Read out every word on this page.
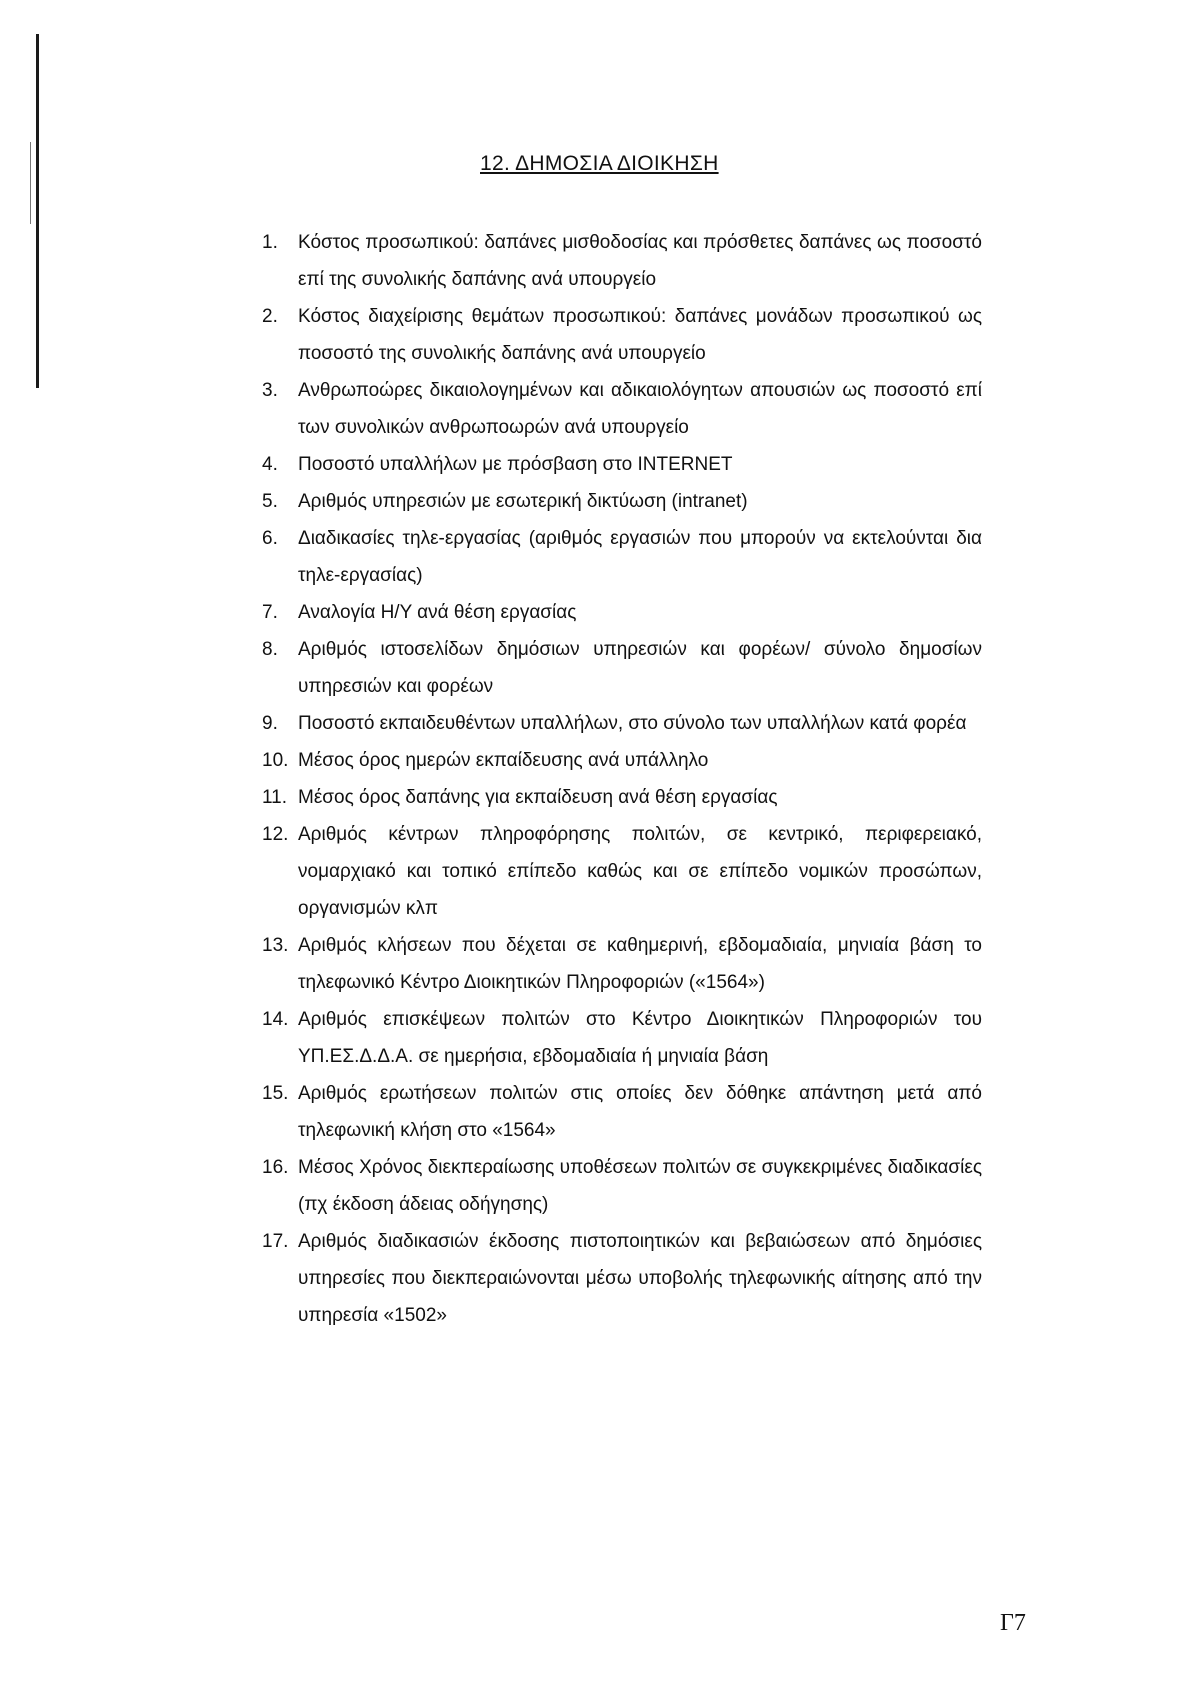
12. ΔΗΜΟΣΙΑ ΔΙΟΙΚΗΣΗ
1. Κόστος προσωπικού: δαπάνες μισθοδοσίας και πρόσθετες δαπάνες ως ποσοστό επί της συνολικής δαπάνης ανά υπουργείο
2. Κόστος διαχείρισης θεμάτων προσωπικού: δαπάνες μονάδων προσωπικού ως ποσοστό της συνολικής δαπάνης ανά υπουργείο
3. Ανθρωποώρες δικαιολογημένων και αδικαιολόγητων απουσιών ως ποσοστό επί των συνολικών ανθρωποωρών ανά υπουργείο
4. Ποσοστό υπαλλήλων με πρόσβαση στο INTERNET
5. Αριθμός υπηρεσιών με εσωτερική δικτύωση (intranet)
6. Διαδικασίες τηλε-εργασίας (αριθμός εργασιών που μπορούν να εκτελούνται δια τηλε-εργασίας)
7. Αναλογία Η/Υ ανά θέση εργασίας
8. Αριθμός ιστοσελίδων δημόσιων υπηρεσιών και φορέων/ σύνολο δημοσίων υπηρεσιών και φορέων
9. Ποσοστό εκπαιδευθέντων υπαλλήλων, στο σύνολο των υπαλλήλων κατά φορέα
10. Μέσος όρος ημερών εκπαίδευσης ανά υπάλληλο
11. Μέσος όρος δαπάνης για εκπαίδευση ανά θέση εργασίας
12. Αριθμός κέντρων πληροφόρησης πολιτών, σε κεντρικό, περιφερειακό, νομαρχιακό και τοπικό επίπεδο καθώς και σε επίπεδο νομικών προσώπων, οργανισμών κλπ
13. Αριθμός κλήσεων που δέχεται σε καθημερινή, εβδομαδιαία, μηνιαία βάση το τηλεφωνικό Κέντρο Διοικητικών Πληροφοριών («1564»)
14. Αριθμός επισκέψεων πολιτών στο Κέντρο Διοικητικών Πληροφοριών του ΥΠ.ΕΣ.Δ.Δ.Α. σε ημερήσια, εβδομαδιαία ή μηνιαία βάση
15. Αριθμός ερωτήσεων πολιτών στις οποίες δεν δόθηκε απάντηση μετά από τηλεφωνική κλήση στο «1564»
16. Μέσος Χρόνος διεκπεραίωσης υποθέσεων πολιτών σε συγκεκριμένες διαδικασίες (πχ έκδοση άδειας οδήγησης)
17. Αριθμός διαδικασιών έκδοσης πιστοποιητικών και βεβαιώσεων από δημόσιες υπηρεσίες που διεκπεραιώνονται μέσω υποβολής τηλεφωνικής αίτησης από την υπηρεσία «1502»
Γ7
